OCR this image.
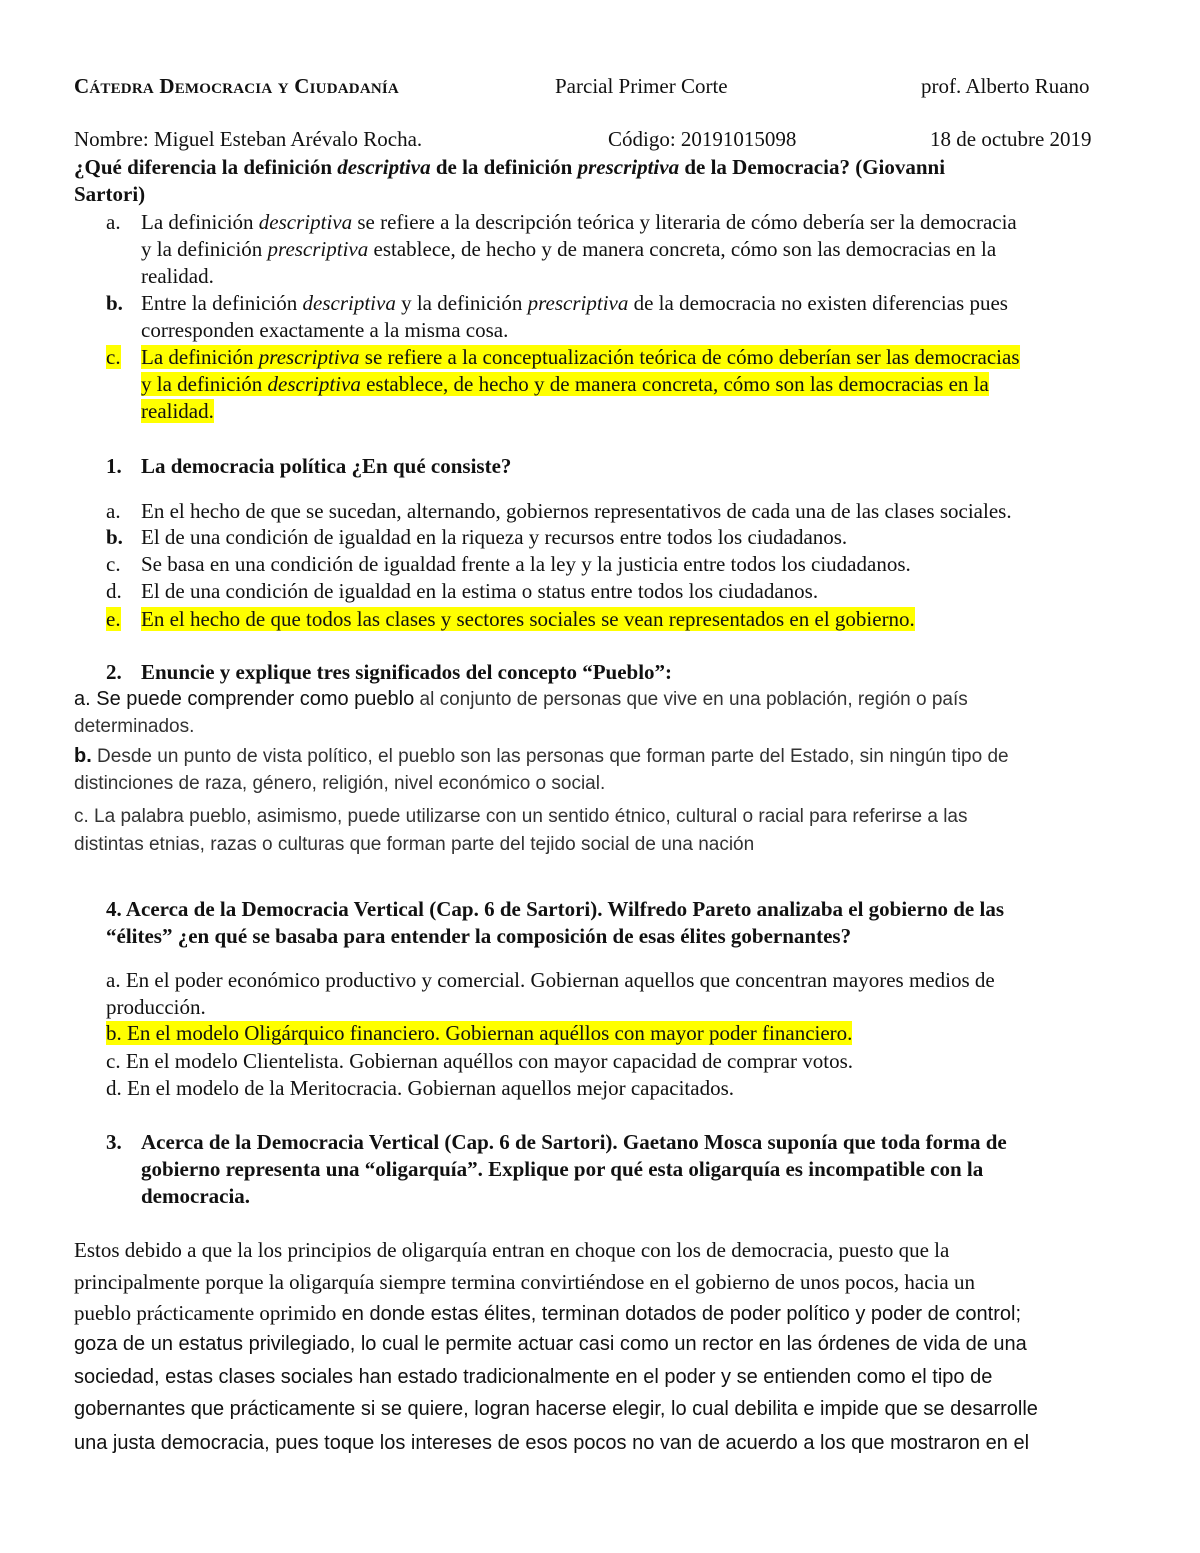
Cátedra Democracia y Ciudadanía	Parcial Primer Corte	prof. Alberto Ruano
Nombre: Miguel Esteban Arévalo Rocha.	Código: 20191015098	18 de octubre 2019
¿Qué diferencia la definición descriptiva de la definición prescriptiva de la Democracia? (Giovanni
Sartori)
a. La definición descriptiva se refiere a la descripción teórica y literaria de cómo debería ser la democracia
y la definición prescriptiva establece, de hecho y de manera concreta, cómo son las democracias en la
realidad.
b. Entre la definición descriptiva y la definición prescriptiva de la democracia no existen diferencias pues
corresponden exactamente a la misma cosa.
c. La definición prescriptiva se refiere a la conceptualización teórica de cómo deberían ser las democracias
y la definición descriptiva establece, de hecho y de manera concreta, cómo son las democracias en la
realidad.
1. La democracia política ¿En qué consiste?
a. En el hecho de que se sucedan, alternando, gobiernos representativos de cada una de las clases sociales.
b. El de una condición de igualdad en la riqueza y recursos entre todos los ciudadanos.
c. Se basa en una condición de igualdad frente a la ley y la justicia entre todos los ciudadanos.
d. El de una condición de igualdad en la estima o status entre todos los ciudadanos.
e. En el hecho de que todos las clases y sectores sociales se vean representados en el gobierno.
2. Enuncie y explique tres significados del concepto “Pueblo”:
a. Se puede comprender como pueblo al conjunto de personas que vive en una población, región o país
determinados.
b. Desde un punto de vista político, el pueblo son las personas que forman parte del Estado, sin ningún tipo de
distinciones de raza, género, religión, nivel económico o social.
c. La palabra pueblo, asimismo, puede utilizarse con un sentido étnico, cultural o racial para referirse a las
distintas etnias, razas o culturas que forman parte del tejido social de una nación
4. Acerca de la Democracia Vertical (Cap. 6 de Sartori). Wilfredo Pareto analizaba el gobierno de las
“élites” ¿en qué se basaba para entender la composición de esas élites gobernantes?
a. En el poder económico productivo y comercial. Gobiernan aquellos que concentran mayores medios de
producción.
b. En el modelo Oligárquico financiero. Gobiernan aquéllos con mayor poder financiero.
c. En el modelo Clientelista. Gobiernan aquéllos con mayor capacidad de comprar votos.
d. En el modelo de la Meritocracia. Gobiernan aquellos mejor capacitados.
3. Acerca de la Democracia Vertical (Cap. 6 de Sartori). Gaetano Mosca suponía que toda forma de
gobierno representa una “oligarquía”. Explique por qué esta oligarquía es incompatible con la
democracia.
Estos debido a que la los principios de oligarquía entran en choque con los de democracia, puesto que la
principalmente porque la oligarquía siempre termina convirtiéndose en el gobierno de unos pocos, hacia un
pueblo prácticamente oprimido en donde estas élites, terminan dotados de poder político y poder de control;
goza de un estatus privilegiado, lo cual le permite actuar casi como un rector en las órdenes de vida de una
sociedad, estas clases sociales han estado tradicionalmente en el poder y se entienden como el tipo de
gobernantes que prácticamente si se quiere, logran hacerse elegir, lo cual debilita e impide que se desarrolle
una justa democracia, pues toque los intereses de esos pocos no van de acuerdo a los que mostraron en el
